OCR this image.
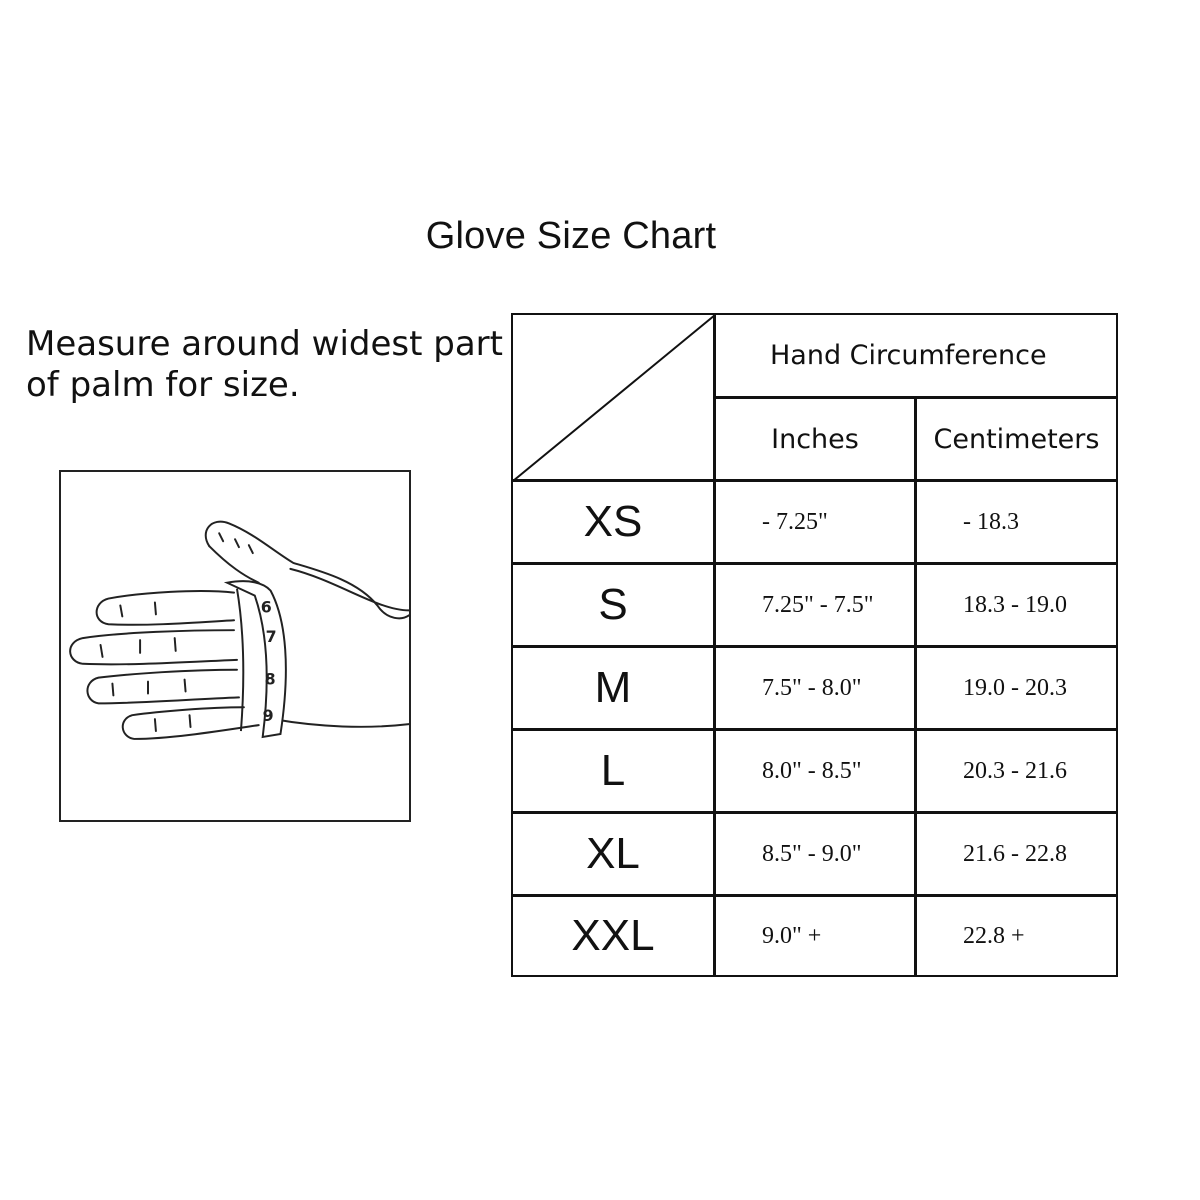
Glove Size Chart
Measure around widest part of palm for size.
6
7
8
9
Hand Circumference
Inches	Centimeters
XS	- 7.25"	- 18.3
S	7.25" - 7.5"	18.3 - 19.0
M	7.5" - 8.0"	19.0 - 20.3
L	8.0" - 8.5"	20.3 - 21.6
XL	8.5" - 9.0"	21.6 - 22.8
XXL	9.0" +	22.8 +
